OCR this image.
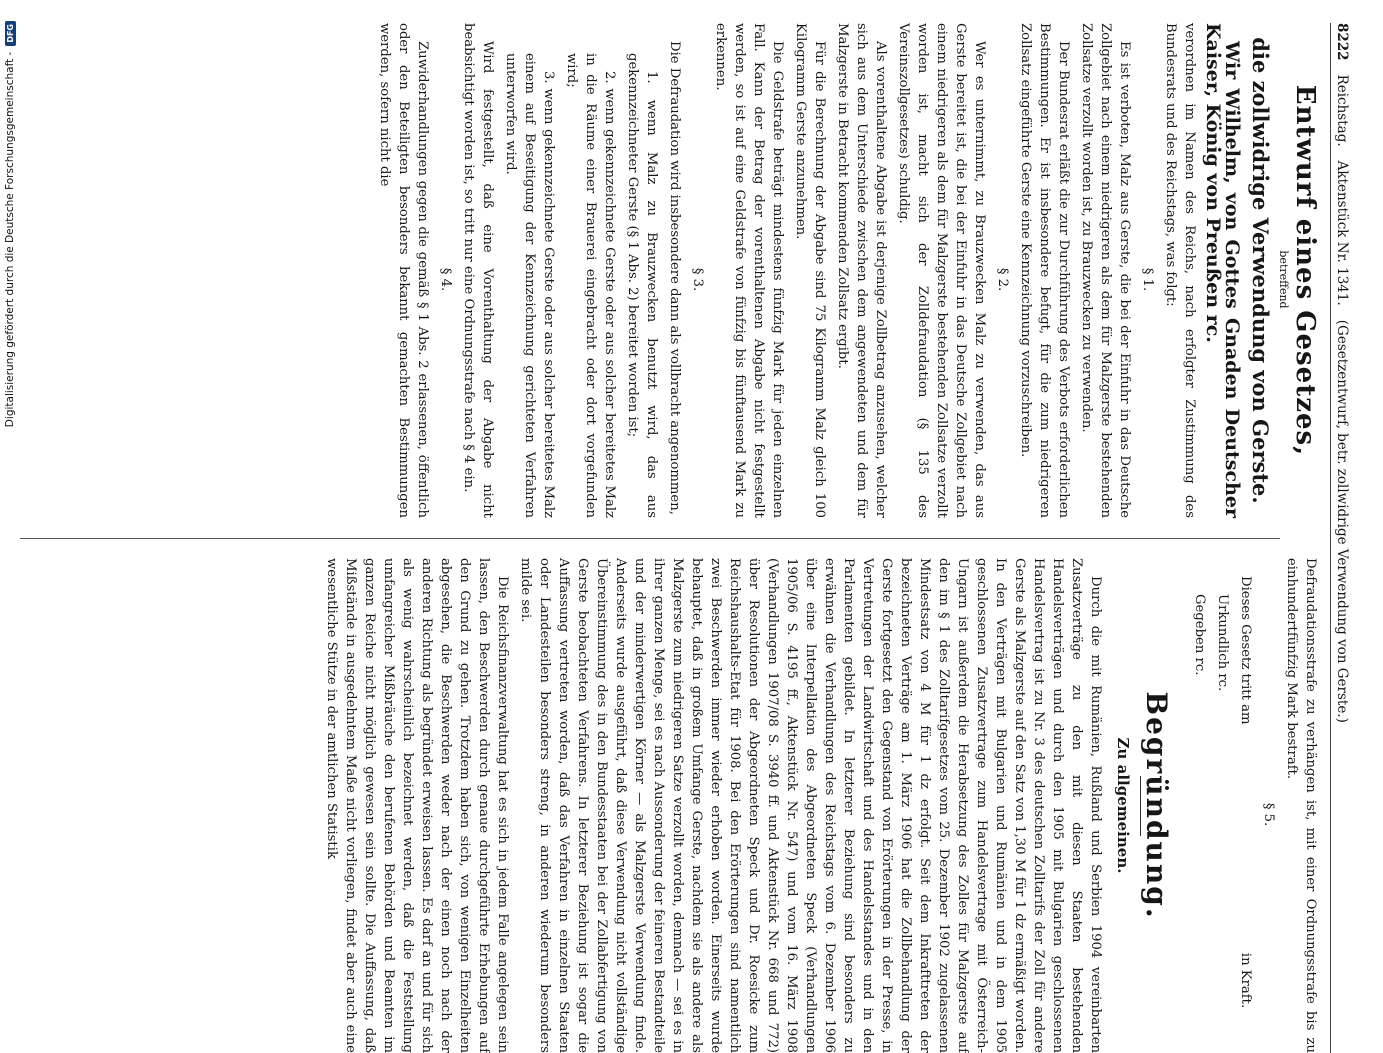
Digitalisierung gefördert durch die Deutsche Forschungsgemeinschaft -
DFG	8222
Reichstag.
Aktenstück Nr. 1341.
(Gesetzentwurf, betr. zollwidrige Verwendung von Gerste.)
Entwurf eines Gesetzes,

betreffend

die zollwidrige Verwendung von Gerste.

Wir Wilhelm, von Gottes Gnaden Deutscher Kaiser, König von Preußen rc.

verordnen im Namen des Reichs, nach erfolgter Zustimmung des Bundesrats und des Reichstags, was folgt:

§ 1.

Es ist verboten, Malz aus Gerste, die bei der Einfuhr in das Deutsche Zollgebiet nach einem niedrigeren als dem für Malzgerste bestehenden Zollsatze verzollt worden ist, zu Brauzwecken zu verwenden.

Der Bundesrat erläßt die zur Durchführung des Verbots erforderlichen Bestimmungen. Er ist insbesondere befugt, für die zum niedrigeren Zollsatz eingeführte Gerste eine Kennzeichnung vorzuschreiben.

§ 2.

Wer es unternimmt, zu Brauzwecken Malz zu verwenden, das aus Gerste bereitet ist, die bei der Einfuhr in das Deutsche Zollgebiet nach einem niedrigeren als dem für Malzgerste bestehenden Zollsatze verzollt worden ist, macht sich der Zolldefraudation (§ 135 des Vereinszollgesetzes) schuldig.

Als vorenthaltene Abgabe ist derjenige Zollbetrag anzusehen, welcher sich aus dem Unterschiede zwischen dem angewendeten und dem für Malzgerste in Betracht kommenden Zollsatz ergibt.

Für die Berechnung der Abgabe sind 75 Kilogramm Malz gleich 100 Kilogramm Gerste anzunehmen.

Die Geldstrafe beträgt mindestens fünfzig Mark für jeden einzelnen Fall. Kann der Betrag der vorenthaltenen Abgabe nicht festgestellt werden, so ist auf eine Geldstrafe von fünfzig bis fünftausend Mark zu erkennen.

§ 3.

Die Defraudation wird insbesondere dann als vollbracht angenommen,

1. wenn Malz zu Brauzwecken benutzt wird, das aus gekennzeichneter Gerste (§ 1 Abs. 2) bereitet worden ist;

2. wenn gekennzeichnete Gerste oder aus solcher bereitetes Malz in die Räume einer Brauerei eingebracht oder dort vorgefunden wird;

3. wenn gekennzeichnete Gerste oder aus solcher bereitetes Malz einem auf Beseitigung der Kennzeichnung gerichteten Verfahren unterworfen wird.

Wird festgestellt, daß eine Vorenthaltung der Abgabe nicht beabsichtigt worden ist, so tritt nur eine Ordnungsstrafe nach § 4 ein.

§ 4.

Zuwiderhandlungen gegen die gemäß § 1 Abs. 2 erlassenen, öffentlich oder den Beteiligten besonders bekannt gemachten Bestimmungen werden, sofern nicht die

Defraudationsstrafe zu verhängen ist, mit einer Ordnungsstrafe bis zu einhundertfünfzig Mark bestraft.

§ 5.

Dieses Gesetz tritt am  in Kraft.

Urkundlich rc.

Gegeben rc.

Begründung.
Zu allgemeinen.

Durch die mit Rumänien, Rußland und Serbien 1904 vereinbarten Zusatzverträge zu den mit diesen Staaten bestehenden Handelsverträgen und durch den 1905 mit Bulgarien geschlossenen Handelsvertrag ist zu Nr. 3 des deutschen Zolltarifs der Zoll für andere Gerste als Malzgerste auf den Satz von 1,30 M für 1 dz ermäßigt worden. In den Verträgen mit Bulgarien und Rumänien und in dem 1905 geschlossenen Zusatzvertrage zum Handelsvertrage mit Österreich-Ungarn ist außerdem die Herabsetzung des Zolles für Malzgerste auf den im § 1 des Zolltarifgesetzes vom 25. Dezember 1902 zugelassenen Mindestsatz von 4 M für 1 dz erfolgt. Seit dem Inkrafttreten der bezeichneten Verträge am 1. März 1906 hat die Zollbehandlung der Gerste fortgesetzt den Gegenstand von Erörterungen in der Presse, in Vertretungen der Landwirtschaft und des Handelsstandes und in den Parlamenten gebildet. In letzterer Beziehung sind besonders zu erwähnen die Verhandlungen des Reichstags vom 6. Dezember 1906 über eine Interpellation des Abgeordneten Speck (Verhandlungen 1905/06 S. 4195 ff., Aktenstück Nr. 547) und vom 16. März 1908 (Verhandlungen 1907/08 S. 3940 ff. und Aktenstück Nr. 668 und 772) über Resolutionen der Abgeordneten Speck und Dr. Roesicke zum Reichshaushalts-Etat für 1908. Bei den Erörterungen sind namentlich zwei Beschwerden immer wieder erhoben worden. Einerseits wurde behauptet, daß in großem Umfange Gerste, nachdem sie als andere als Malzgerste zum niedrigeren Satze verzollt worden, demnach — sei es in ihrer ganzen Menge, sei es nach Aussonderung der feineren Bestandteile und der minderwertigen Körner — als Malzgerste Verwendung finde. Anderseits wurde ausgeführt, daß diese Verwendung nicht vollständige Übereinstimmung des in den Bundesstaaten bei der Zollabfertigung von Gerste beobachteten Verfahrens. In letzterer Beziehung ist sogar die Auffassung vertreten worden, daß das Verfahren in einzelnen Staaten oder Landesteilen besonders streng, in anderen wiederum besonders milde sei.

Die Reichsfinanzverwaltung hat es sich in jedem Falle angelegen sein lassen, den Beschwerden durch genaue durchgeführte Erhebungen auf den Grund zu gehen. Trotzdem haben sich, von wenigen Einzelheiten abgesehen, die Beschwerden weder nach der einen noch nach der anderen Richtung als begründet erweisen lassen. Es darf an und für sich als wenig wahrscheinlich bezeichnet werden, daß die Feststellung umfangreicher Mißbräuche den berufenen Behörden und Beamten im ganzen Reiche nicht möglich gewesen sein sollte. Die Auffassung, daß Mißstände in ausgedehntem Maße nicht vorliegen, findet aber auch eine wesentliche Stütze in der amtlichen Statistik
